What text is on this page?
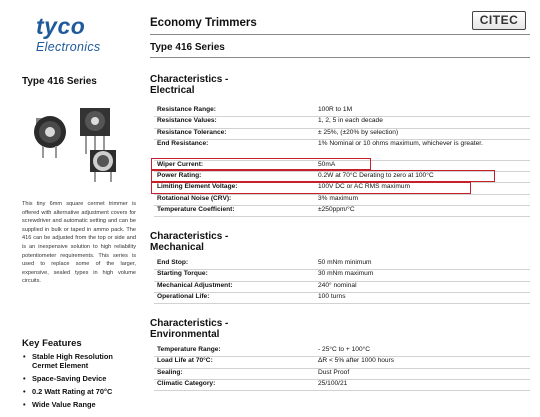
tyco
Electronics
Type 416 Series
This tiny 6mm square cermet trimmer is offered with alternative adjustment covers for screwdriver and automatic setting and can be supplied in bulk or taped in ammo pack. The 416 can be adjusted from the top or side and is an inexpensive solution to high reliability potentiometer requirements. This series is used to replace some of the larger, expensive, sealed types in high volume circuits.
Key Features
• Stable High Resolution Cermet Element
• Space-Saving Device
• 0.2 Watt Rating at 70°C
• Wide Value Range
Economy Trimmers	CITEC
Type 416 Series
Characteristics -
Electrical
Resistance Range:	100R to 1M
Resistance Values:	1, 2, 5 in each decade
Resistance Tolerance:	± 25%, (±20% by selection)
End Resistance:	1% Nominal or 10 ohms maximum, whichever is greater.
Wiper Current:	50mA
Power Rating:	0.2W at 70°C Derating to zero at 100°C
Limiting Element Voltage:	100V DC or AC RMS maximum
Rotational Noise (CRV):	3% maximum
Temperature Coefficient:	±250ppm/°C
Characteristics -
Mechanical
End Stop:	50 mNm minimum
Starting Torque:	30 mNm maximum
Mechanical Adjustment:	240° nominal
Operational Life:	100 turns
Characteristics -
Environmental
Temperature Range:	- 25°C to + 100°C
Load Life at 70°C:	ΔR < 5% after 1000 hours
Sealing:	Dust Proof
Climatic Category:	25/100/21
